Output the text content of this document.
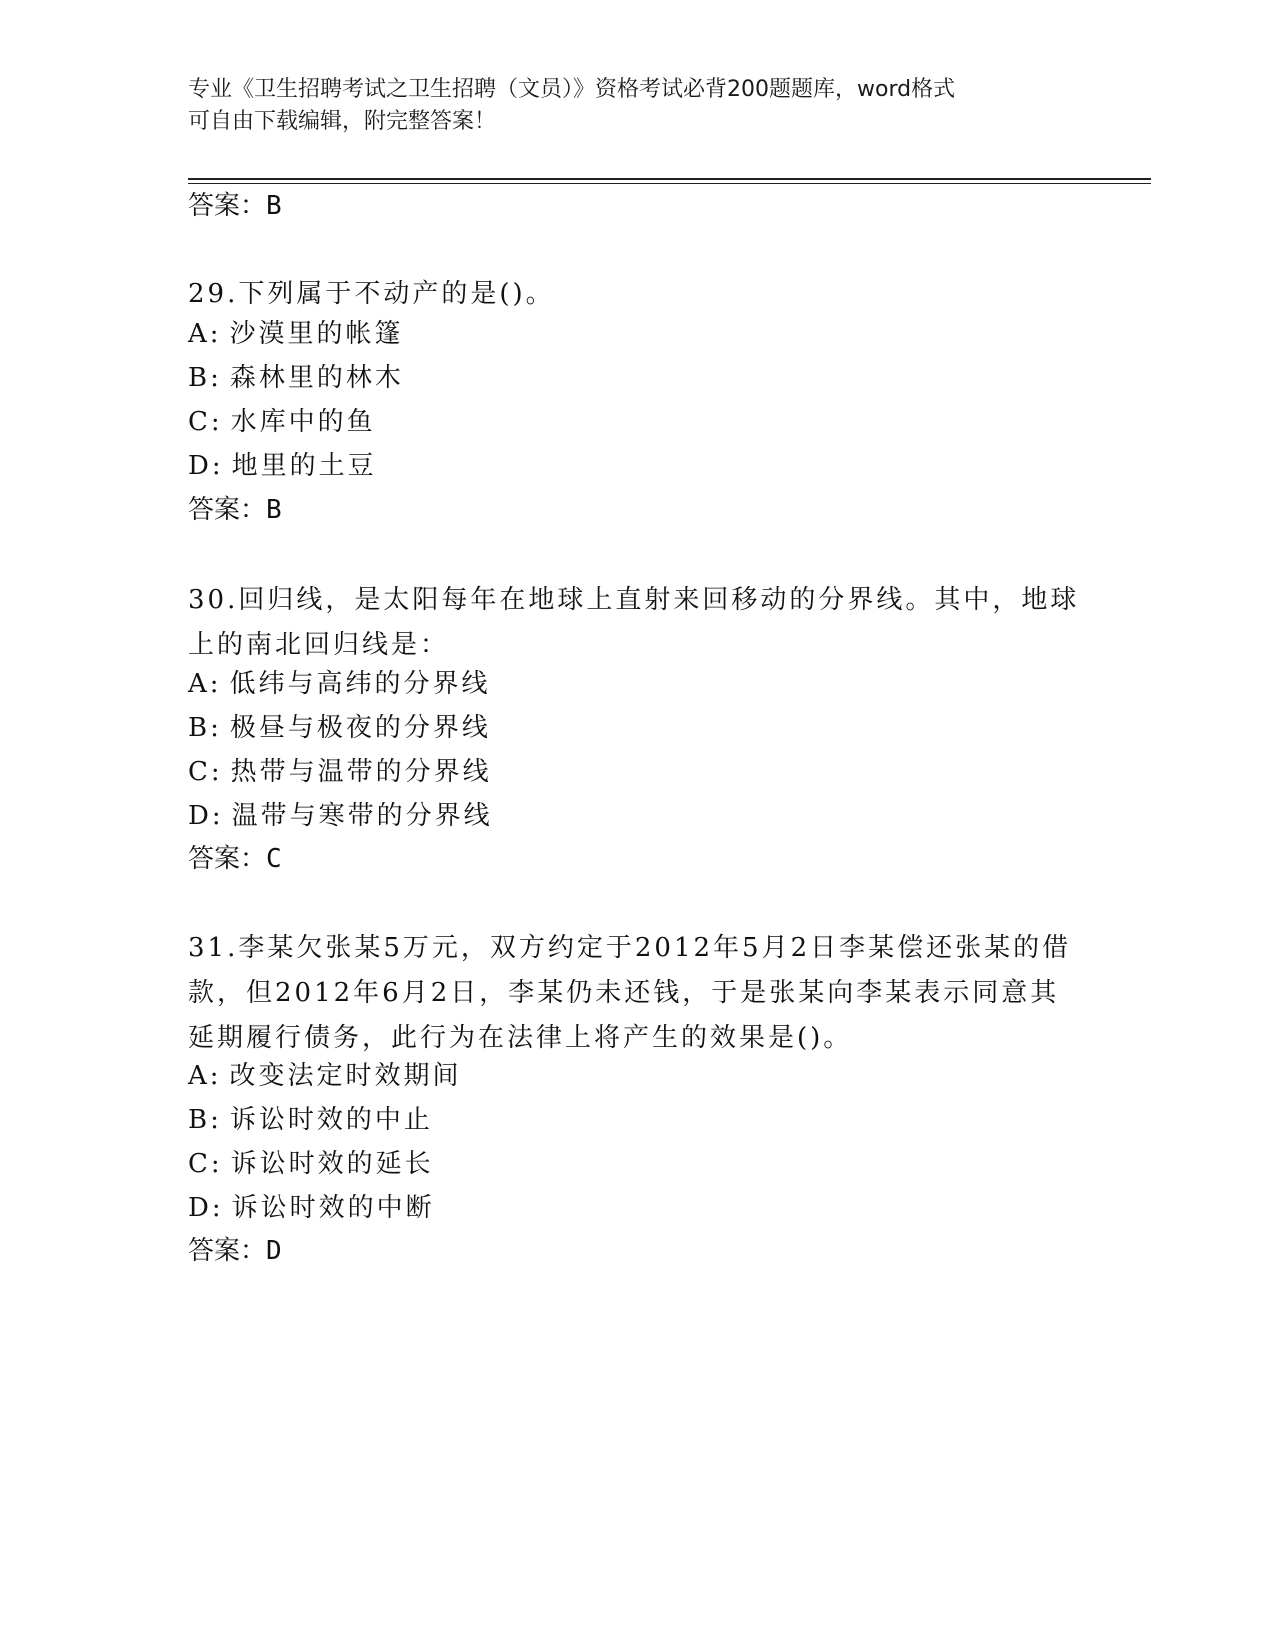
专业《卫生招聘考试之卫生招聘（文员）》资格考试必背200题题库，word格式
可自由下载编辑，附完整答案！
答案：B
29.下列属于不动产的是()。
A: 沙漠里的帐篷
B: 森林里的林木
C: 水库中的鱼
D: 地里的土豆
答案：B
30.回归线，是太阳每年在地球上直射来回移动的分界线。其中，地球上的南北回归线是：
A: 低纬与高纬的分界线
B: 极昼与极夜的分界线
C: 热带与温带的分界线
D: 温带与寒带的分界线
答案：C
31.李某欠张某5万元，双方约定于2012年5月2日李某偿还张某的借款，但2012年6月2日，李某仍未还钱，于是张某向李某表示同意其延期履行债务，此行为在法律上将产生的效果是()。
A: 改变法定时效期间
B: 诉讼时效的中止
C: 诉讼时效的延长
D: 诉讼时效的中断
答案：D
